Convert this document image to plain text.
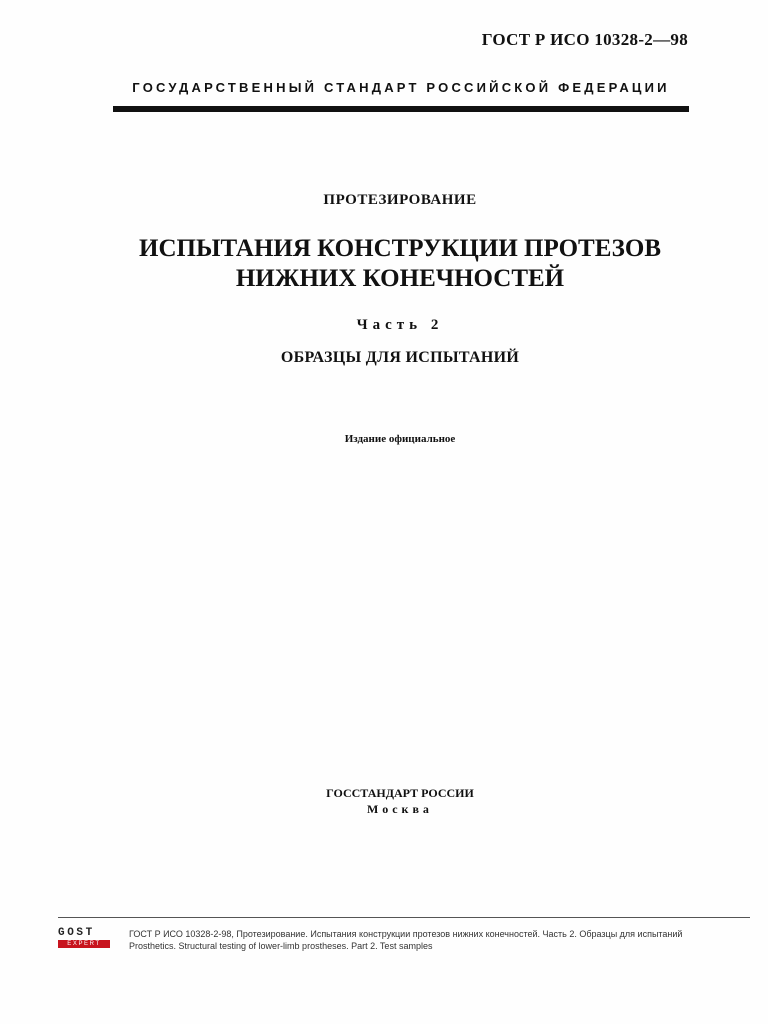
ГОСТ Р ИСО 10328-2—98
ГОСУДАРСТВЕННЫЙ СТАНДАРТ РОССИЙСКОЙ ФЕДЕРАЦИИ
ПРОТЕЗИРОВАНИЕ
ИСПЫТАНИЯ КОНСТРУКЦИИ ПРОТЕЗОВ
НИЖНИХ КОНЕЧНОСТЕЙ
Часть 2
ОБРАЗЦЫ ДЛЯ ИСПЫТАНИЙ
Издание официальное
ГОССТАНДАРТ РОССИИ
Москва
GOST
EXPERT
ГОСТ Р ИСО 10328-2-98, Протезирование. Испытания конструкции протезов нижних конечностей. Часть 2. Образцы для испытаний
Prosthetics. Structural testing of lower-limb prostheses. Part 2. Test samples
